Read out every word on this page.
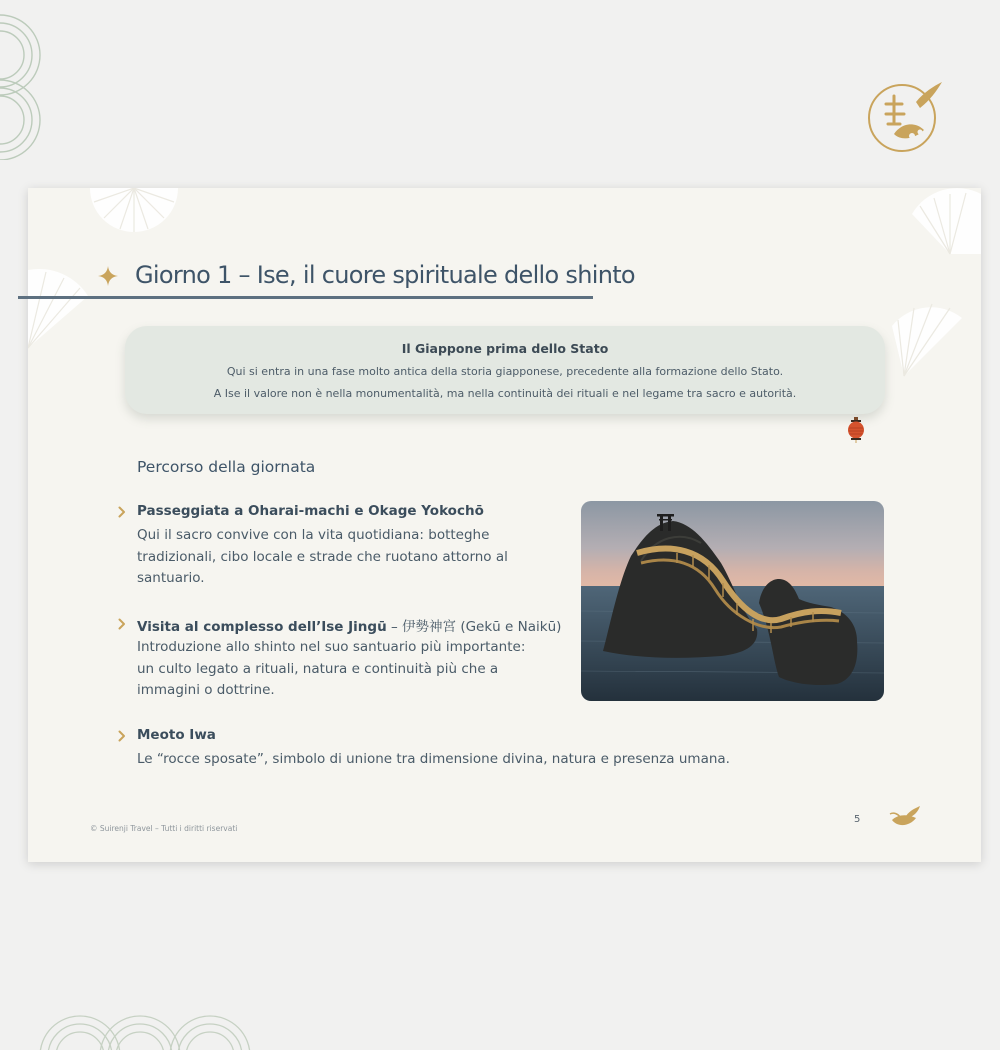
Giorno 1 – Ise, il cuore spirituale dello shinto
Il Giappone prima dello Stato
Qui si entra in una fase molto antica della storia giapponese, precedente alla formazione dello Stato.
A Ise il valore non è nella monumentalità, ma nella continuità dei rituali e nel legame tra sacro e autorità.
Percorso della giornata
Passeggiata a Oharai-machi e Okage Yokochō
Qui il sacro convive con la vita quotidiana: botteghe
tradizionali, cibo locale e strade che ruotano attorno al
santuario.
Visita al complesso dell’Ise Jingū – 伊勢神宮 (Gekū e Naikū)
Introduzione allo shinto nel suo santuario più importante:
un culto legato a rituali, natura e continuità più che a
immagini o dottrine.
Meoto Iwa
Le “rocce sposate”, simbolo di unione tra dimensione divina, natura e presenza umana.
© Suirenji Travel – Tutti i diritti riservati
5
